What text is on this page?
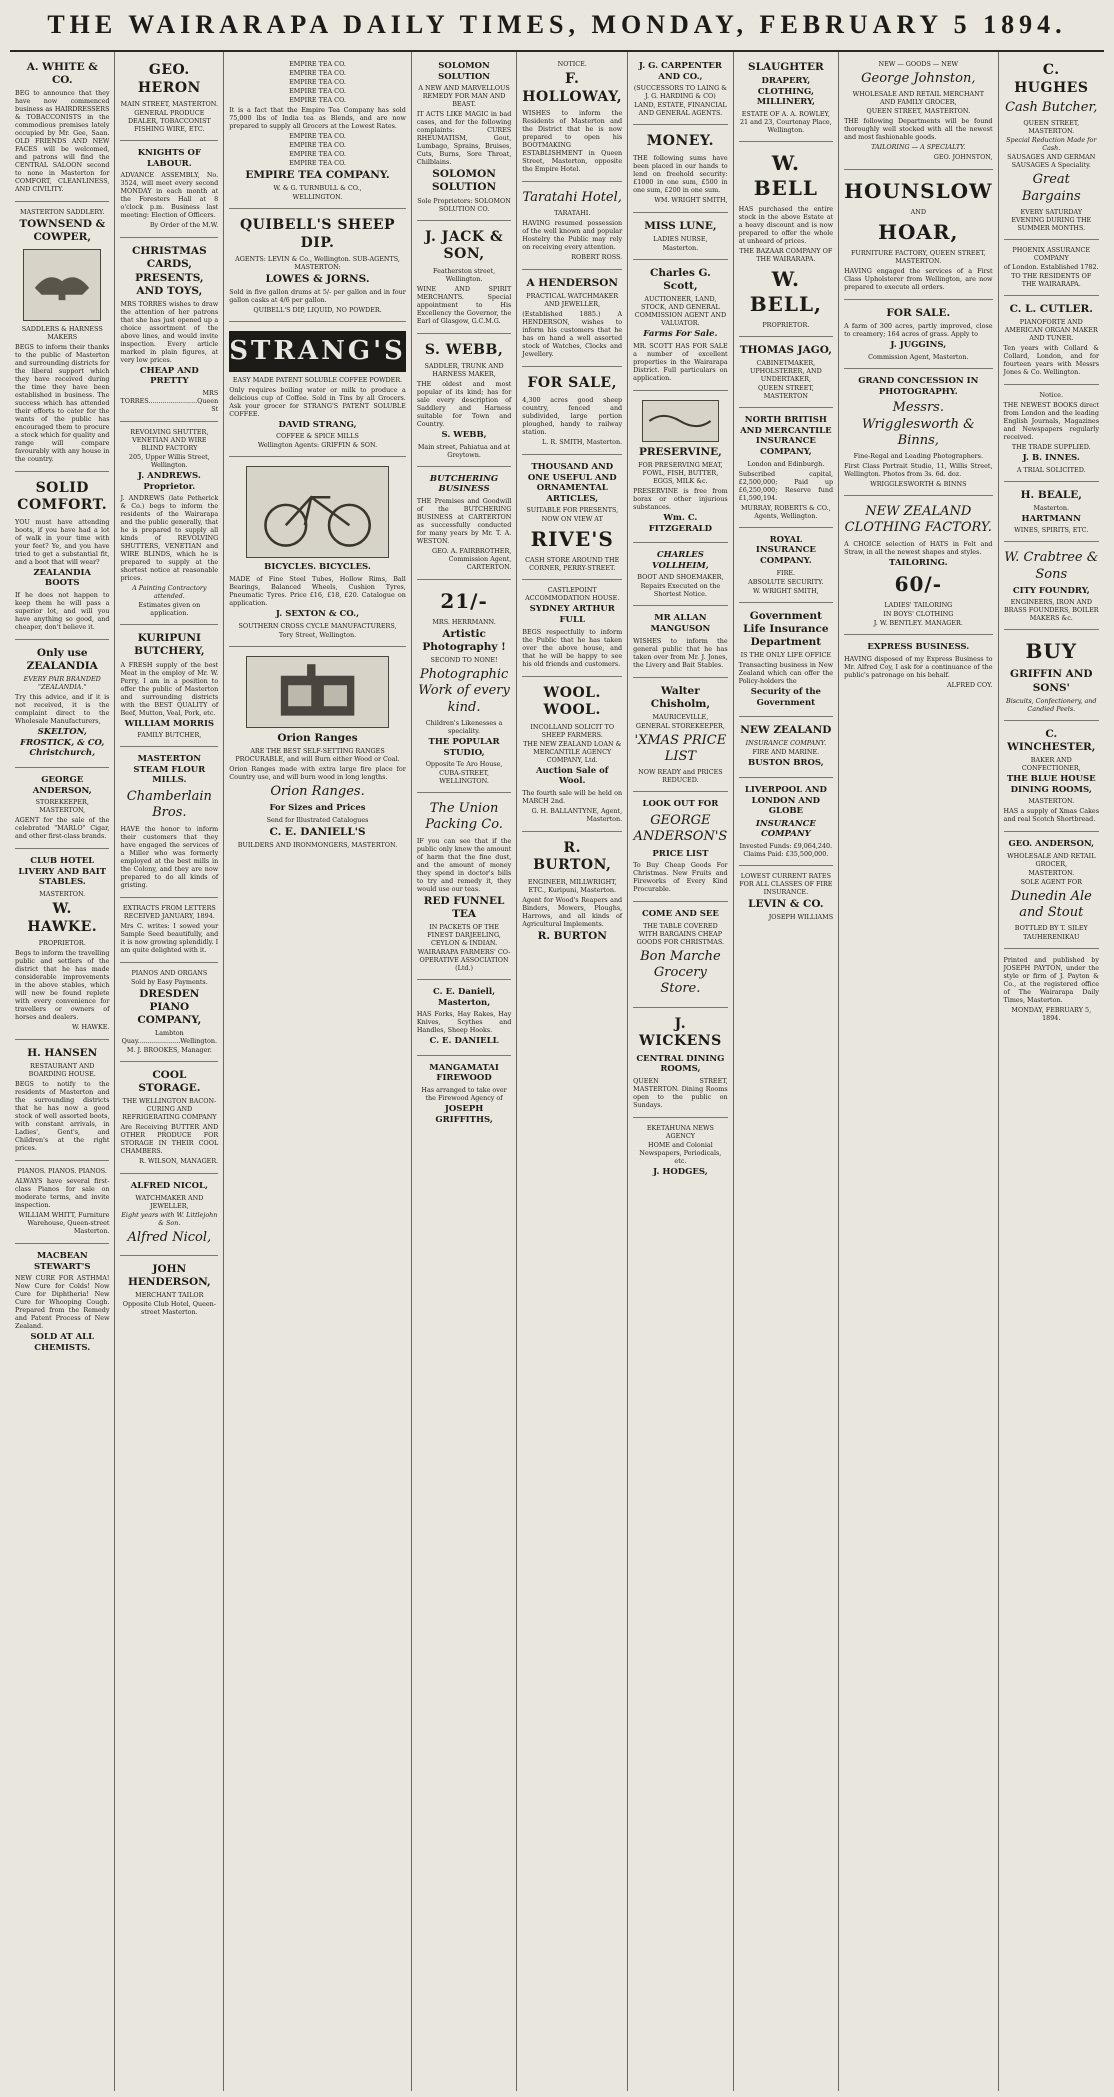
THE WAIRARAPA DAILY TIMES, MONDAY, FEBRUARY 5 1894.
A. WHITE & CO.
BEG to announce that they have now commenced business as HAIRDRESSERS & TOBACCONISTS in the commodious premises lately occupied by Mr. Gee, Saan. OLD FRIENDS AND NEW FACES will be welcomed, and patrons will find the CENTRAL SALOON second to none in Masterton for COMFORT, CLEANLINESS, AND CIVILITY.
MASTERTON SADDLERY.
TOWNSEND & COWPER,
SADDLERS & HARNESS MAKERS
BEGS to inform their thanks to the public of Masterton and surrounding districts for the liberal support which they have received during the time they have been established in business. The success which has attended their efforts to cater for the wants of the public has encouraged them to procure a stock which for quality and range will compare favourably with any house in the country.
SOLID COMFORT.
YOU must have attending boots, if you have had a lot of walk in your time with your feet? Ye, and you have tried to get a substantial fit, and a boot that will wear?
ZEALANDIA BOOTS
If he does not happen to keep them he will pass a superior lot, and will you have anything so good, and cheaper, don't believe it.
Only use ZEALANDIA
EVERY PAIR BRANDED "ZEALANDIA."
Try this advice, and if it is not received, it is the complaint direct to the Wholesale Manufacturers,
SKELTON, FROSTICK, & CO, Christchurch,
GEORGE ANDERSON,
STOREKEEPER, MASTERTON,
AGENT for the sale of the celebrated "MARLO" Cigar, and other first-class brands.
CLUB HOTEL LIVERY AND BAIT STABLES.
MASTERTON.
W. HAWKE.
PROPRIETOR.
Begs to inform the travelling public and settlers of the district that he has made considerable improvements in the above stables, which will now be found replete with every convenience for travellers or owners of horses and dealers.
W. HAWKE.
H. HANSEN
RESTAURANT AND BOARDING HOUSE.
BEGS to notify to the residents of Masterton and the surrounding districts that he has now a good stock of well assorted boots, with constant arrivals, in Ladies', Gent's, and Children's at the right prices.
PIANOS. PIANOS. PIANOS.
ALWAYS have several first-class Pianos for sale on moderate terms, and invite inspection.
WILLIAM WHITT, Furniture Warehouse, Queen-street Masterton.
MACBEAN STEWART'S
NEW CURE FOR ASTHMA! Now Cure for Colds! Now Cure for Diphtheria! New Cure for Whooping Cough. Prepared from the Remedy and Patent Process of New Zealand.
SOLD AT ALL CHEMISTS.
GEO. HERON
MAIN STREET, MASTERTON.
GENERAL PRODUCE DEALER, TOBACCONIST FISHING WIRE, ETC.
KNIGHTS OF LABOUR.
ADVANCE ASSEMBLY, No. 3524, will meet every second MONDAY in each month at the Foresters Hall at 8 o'clock p.m. Business last meeting: Election of Officers.
By Order of the M.W.
CHRISTMAS CARDS, PRESENTS, AND TOYS,
MRS TORRES wishes to draw the attention of her patrons that she has just opened up a choice assortment of the above lines, and would invite inspection. Every article marked in plain figures, at very low prices.
CHEAP AND PRETTY
MRS TORRES........................Queen St
REVOLVING SHUTTER, VENETIAN AND WIRE BLIND FACTORY
205, Upper Willis Street, Wellington.
J. ANDREWS. Proprietor.
J. ANDREWS (late Petherick & Co.) begs to inform the residents of the Wairarapa and the public generally, that he is prepared to supply all kinds of REVOLVING SHUTTERS, VENETIAN and WIRE BLINDS, which he is prepared to supply at the shortest notice at reasonable prices.
A Painting Contractory attended.
Estimates given on application.
KURIPUNI BUTCHERY,
A FRESH supply of the best Meat in the employ of Mr. W. Perry, I am in a position to offer the public of Masterton and surrounding districts with the BEST QUALITY of Beef, Mutton, Veal, Pork, etc.
WILLIAM MORRIS
FAMILY BUTCHER,
MASTERTON STEAM FLOUR MILLS.
Chamberlain Bros.
HAVE the honor to inform their customers that they have engaged the services of a Miller who was formerly employed at the best mills in the Colony, and they are now prepared to do all kinds of gristing.
EXTRACTS FROM LETTERS RECEIVED JANUARY, 1894.
Mrs C. writes: I sowed your Sample Seed beautifully, and it is now growing splendidly. I am quite delighted with it.
PIANOS AND ORGANS
Sold by Easy Payments.
DRESDEN PIANO COMPANY,
Lambton Quay.....................Wellington.
M. J. BROOKES, Manager.
COOL STORAGE.
THE WELLINGTON BACON-CURING AND REFRIGERATING COMPANY
Are Receiving BUTTER AND OTHER PRODUCE FOR STORAGE IN THEIR COOL CHAMBERS.
R. WILSON, MANAGER.
ALFRED NICOL,
WATCHMAKER AND JEWELLER,
Eight years with W. Littlejohn & Son.
Alfred Nicol,
JOHN HENDERSON,
MERCHANT TAILOR
Opposite Club Hotel, Queen-street Masterton.
EMPIRE TEA CO.
EMPIRE TEA CO.
EMPIRE TEA CO.
EMPIRE TEA CO.
EMPIRE TEA CO.
It is a fact that the Empire Tea Company has sold 75,000 lbs of India tea as Blends, and are now prepared to supply all Grocers at the Lowest Rates.
EMPIRE TEA CO.
EMPIRE TEA CO.
EMPIRE TEA CO.
EMPIRE TEA CO.
EMPIRE TEA COMPANY.
W. & G. TURNBULL & CO.,
WELLINGTON.
QUIBELL'S SHEEP DIP.
AGENTS: LEVIN & Co., Wellington. SUB-AGENTS, MASTERTON:
LOWES & JORNS.
Sold in five gallon drums at 5/- per gallon and in four gallon casks at 4/6 per gallon.
QUIBELL'S DIP, LIQUID, NO POWDER.
STRANG'S
EASY MADE PATENT SOLUBLE COFFEE POWDER.
Only requires boiling water or milk to produce a delicious cup of Coffee. Sold in Tins by all Grocers. Ask your grocer for STRANG'S PATENT SOLUBLE COFFEE.
DAVID STRANG,
COFFEE & SPICE MILLS
Wellington Agents: GRIFFIN & SON.
BICYCLES. BICYCLES.
MADE of Fine Steel Tubes, Hollow Rims, Ball Bearings, Balanced Wheels, Cushion Tyres, Pneumatic Tyres. Price £16, £18, £20. Catalogue on application.
J. SEXTON & CO.,
SOUTHERN CROSS CYCLE MANUFACTURERS,
Tory Street, Wellington.
Orion Ranges
ARE THE BEST SELF-SETTING RANGES PROCURABLE, and will Burn either Wood or Coal.
Orion Ranges made with extra large fire place for Country use, and will burn wood in long lengths.
Orion Ranges.
For Sizes and Prices
Send for Illustrated Catalogues
C. E. DANIELL'S
BUILDERS AND IRONMONGERS, MASTERTON.
SOLOMON SOLUTION
A NEW AND MARVELLOUS REMEDY FOR MAN AND BEAST.
IT ACTS LIKE MAGIC in bad cases, and for the following complaints: CURES RHEUMATISM, Gout, Lumbago, Sprains, Bruises, Cuts, Burns, Sore Throat, Chilblains.
SOLOMON SOLUTION
Sole Proprietors: SOLOMON SOLUTION CO.
J. JACK & SON,
Featherston street, Wellington.
WINE AND SPIRIT MERCHANTS. Special appointment to His Excellency the Governor, the Earl of Glasgow, G.C.M.G.
S. WEBB,
SADDLER, TRUNK AND HARNESS MAKER,
THE oldest and most popular of its kind; has for sale every description of Saddlery and Harness suitable for Town and Country.
S. WEBB,
Main street, Pahiatua and at Greytown.
BUTCHERING BUSINESS
THE Premises and Goodwill of the BUTCHERING BUSINESS at CARTERTON as successfully conducted for many years by Mr. T. A. WESTON.
GEO. A. FAIRBROTHER, Commission Agent, CARTERTON.
21/-
MRS. HERRMANN.
Artistic Photography !
SECOND TO NONE!
Photographic Work of every kind.
Children's Likenesses a speciality.
THE POPULAR STUDIO,
Opposite Te Aro House,
CUBA-STREET, WELLINGTON.
The Union Packing Co.
IF you can see that if the public only knew the amount of harm that the fine dust, and the amount of money they spend in doctor's bills to try and remedy it, they would use our teas.
RED FUNNEL TEA
IN PACKETS OF THE FINEST DARJEELING, CEYLON & INDIAN.
WAIRARAPA FARMERS' CO-OPERATIVE ASSOCIATION (Ltd.)
C. E. Daniell, Masterton,
HAS Forks, Hay Rakes, Hay Knives, Scythes and Handles, Sheep Hooks.
C. E. DANIELL
MANGAMATAI FIREWOOD
Has arranged to take over the Firewood Agency of
JOSEPH GRIFFITHS,
NOTICE.
F. HOLLOWAY,
WISHES to inform the Residents of Masterton and the District that he is now prepared to open his BOOTMAKING ESTABLISHMENT in Queen Street, Masterton, opposite the Empire Hotel.
Taratahi Hotel,
TARATAHI.
HAVING resumed possession of the well known and popular Hostelry the Public may rely on receiving every attention.
ROBERT ROSS.
A HENDERSON
PRACTICAL WATCHMAKER AND JEWELLER,
(Established 1885.) A HENDERSON, wishes to inform his customers that he has on hand a well assorted stock of Watches, Clocks and Jewellery.
FOR SALE,
4,300 acres good sheep country, fenced and subdivided, large portion ploughed, handy to railway station.
L. R. SMITH, Masterton.
THOUSAND AND ONE USEFUL AND ORNAMENTAL ARTICLES,
SUITABLE FOR PRESENTS,
NOW ON VIEW AT
RIVE'S
CASH STORE AROUND THE CORNER, PERRY-STREET.
CASTLEPOINT ACCOMMODATION HOUSE.
SYDNEY ARTHUR FULL
BEGS respectfully to inform the Public that he has taken over the above house, and that he will be happy to see his old friends and customers.
WOOL. WOOL.
INCOLLAND SOLICIT TO SHEEP FARMERS.
THE NEW ZEALAND LOAN & MERCANTILE AGENCY COMPANY, Ltd.
Auction Sale of Wool.
The fourth sale will be held on MARCH 2nd.
G. H. BALLANTYNE, Agent, Masterton.
R. BURTON,
ENGINEER, MILLWRIGHT, ETC., Kuripuni, Masterton.
Agent for Wood's Reapers and Binders, Mowers, Ploughs, Harrows, and all kinds of Agricultural Implements.
R. BURTON
J. G. CARPENTER AND CO.,
(SUCCESSORS TO LAING & J. G. HARDING & CO)
LAND, ESTATE, FINANCIAL AND GENERAL AGENTS.
MONEY.
THE following sums have been placed in our hands to lend on freehold security: £1000 in one sum, £500 in one sum, £200 in one sum.
WM. WRIGHT SMITH,
MISS LUNE,
LADIES NURSE,
Masterton.
Charles G. Scott,
AUCTIONEER, LAND, STOCK, AND GENERAL COMMISSION AGENT AND VALUATOR.
Farms For Sale.
MR. SCOTT HAS FOR SALE a number of excellent properties in the Wairarapa District. Full particulars on application.
PRESERVINE,
FOR PRESERVING MEAT, FOWL, FISH, BUTTER, EGGS, MILK &c.
PRESERVINE is free from borax or other injurious substances.
Wm. C. FITZGERALD
CHARLES VOLLHEIM,
BOOT AND SHOEMAKER,
Repairs Executed on the Shortest Notice.
MR ALLAN MANGUSON
WISHES to inform the general public that he has taken over from Mr. J. Jones, the Livery and Bait Stables.
Walter Chisholm,
MAURICEVILLE,
GENERAL STOREKEEPER,
'XMAS PRICE LIST
NOW READY and PRICES REDUCED.
LOOK OUT FOR
GEORGE ANDERSON'S
PRICE LIST
To Buy Cheap Goods For Christmas. New Fruits and Fireworks of Every Kind Procurable.
COME AND SEE
THE TABLE COVERED WITH BARGAINS CHEAP GOODS FOR CHRISTMAS.
Bon Marche Grocery Store.
J. WICKENS
CENTRAL DINING ROOMS,
QUEEN STREET, MASTERTON. Dining Rooms open to the public on Sundays.
EKETAHUNA NEWS AGENCY
HOME and Colonial Newspapers, Periodicals, etc.
J. HODGES,
SLAUGHTER
DRAPERY, CLOTHING, MILLINERY,
ESTATE OF A. A. ROWLEY, 21 and 23, Courtenay Place, Wellington.
W. BELL
HAS purchased the entire stock in the above Estate at a heavy discount and is now prepared to offer the whole at unheard of prices.
THE BAZAAR COMPANY OF THE WAIRARAPA.
W. BELL,
PROPRIETOR.
THOMAS JAGO,
CABINETMAKER, UPHOLSTERER, AND UNDERTAKER,
QUEEN STREET, MASTERTON
NORTH BRITISH AND MERCANTILE INSURANCE COMPANY,
London and Edinburgh.
Subscribed capital, £2,500,000; Paid up £6,250,000; Reserve fund £1,590,194.
MURRAY, ROBERTS & CO., Agents, Wellington.
ROYAL INSURANCE COMPANY.
FIRE.
ABSOLUTE SECURITY.
W. WRIGHT SMITH,
Government Life Insurance Department
IS THE ONLY LIFE OFFICE
Transacting business in New Zealand which can offer the Policy-holders the
Security of the Government
NEW ZEALAND
INSURANCE COMPANY.
FIRE AND MARINE.
BUSTON BROS,
LIVERPOOL AND LONDON AND GLOBE
INSURANCE COMPANY
Invested Funds: £9,064,240. Claims Paid: £35,500,000.
LOWEST CURRENT RATES FOR ALL CLASSES OF FIRE INSURANCE.
LEVIN & CO.
JOSEPH WILLIAMS
NEW — GOODS — NEW
George Johnston,
WHOLESALE AND RETAIL MERCHANT AND FAMILY GROCER,
QUEEN STREET, MASTERTON.
THE following Departments will be found thoroughly well stocked with all the newest and most fashionable goods.
TAILORING — A SPECIALTY.
GEO. JOHNSTON,
HOUNSLOW
AND
HOAR,
FURNITURE FACTORY, QUEEN STREET, MASTERTON.
HAVING engaged the services of a First Class Upholsterer from Wellington, are now prepared to execute all orders.
FOR SALE.
A farm of 300 acres, partly improved, close to creamery; 164 acres of grass. Apply to
J. JUGGINS,
Commission Agent, Masterton.
GRAND CONCESSION IN PHOTOGRAPHY.
Messrs. Wrigglesworth & Binns,
Fine-Regal and Leading Photographers.
First Class Portrait Studio, 11, Willis Street, Wellington. Photos from 3s. 6d. doz.
WRIGGLESWORTH & BINNS
NEW ZEALAND CLOTHING FACTORY.
A CHOICE selection of HATS in Felt and Straw, in all the newest shapes and styles.
TAILORING.
60/-
LADIES' TAILORING
IN BOYS' CLOTHING
J. W. BENTLEY. MANAGER.
EXPRESS BUSINESS.
HAVING disposed of my Express Business to Mr. Alfred Coy, I ask for a continuance of the public's patronage on his behalf.
ALFRED COY.
C. HUGHES
Cash Butcher,
QUEEN STREET, MASTERTON.
Special Reduction Made for Cash.
SAUSAGES AND GERMAN SAUSAGES A Speciality.
Great Bargains
EVERY SATURDAY EVENING DURING THE SUMMER MONTHS.
PHOENIX ASSURANCE COMPANY
of London. Established 1782.
TO THE RESIDENTS OF THE WAIRARAPA.
C. L. CUTLER.
PIANOFORTE AND AMERICAN ORGAN MAKER AND TUNER.
Ten years with Collard & Collard, London, and for fourteen years with Messrs Jones & Co. Wellington.
Notice.
THE NEWEST BOOKS direct from London and the leading English Journals, Magazines and Newspapers regularly received.
THE TRADE SUPPLIED.
J. B. INNES.
A TRIAL SOLICITED.
H. BEALE,
Masterton.
HARTMANN
WINES, SPIRITS, ETC.
W. Crabtree & Sons
CITY FOUNDRY,
ENGINEERS, IRON AND BRASS FOUNDERS, BOILER MAKERS &c.
BUY
GRIFFIN AND SONS'
Biscuits, Confectionery, and Candied Peels.
C. WINCHESTER,
BAKER AND CONFECTIONER,
THE BLUE HOUSE DINING ROOMS,
MASTERTON.
HAS a supply of Xmas Cakes and real Scotch Shortbread.
GEO. ANDERSON,
WHOLESALE AND RETAIL GROCER,
MASTERTON.
SOLE AGENT FOR
Dunedin Ale and Stout
BOTTLED BY T. SILEY
TAUHERENIKAU
Printed and published by JOSEPH PAYTON, under the style or firm of J. Payton & Co., at the registered office of The Wairarapa Daily Times, Masterton.
MONDAY, FEBRUARY 5, 1894.
